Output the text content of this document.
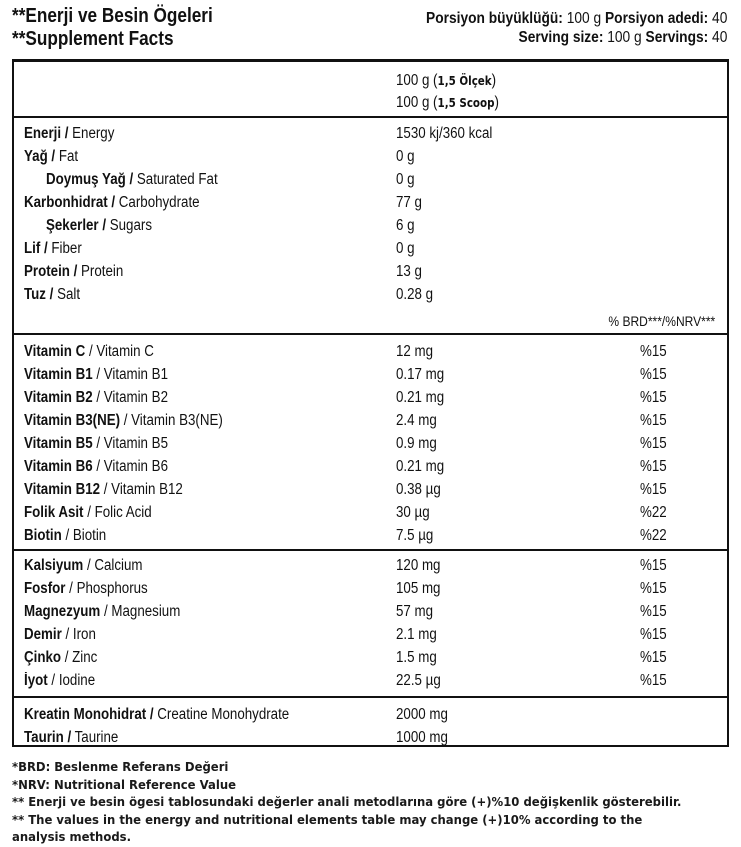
**Enerji ve Besin Ögeleri
**Supplement Facts
Porsiyon büyüklüğü: 100 g Porsiyon adedi: 40
Serving size: 100 g Servings: 40
100 g (1,5 Ölçek)
100 g (1,5 Scoop)
Enerji / Energy	1530 kj/360 kcal
Yağ / Fat	0 g
Doymuş Yağ / Saturated Fat	0 g
Karbonhidrat / Carbohydrate	77 g
Şekerler / Sugars	6 g
Lif / Fiber	0 g
Protein / Protein	13 g
Tuz / Salt	0.28 g
% BRD***/%NRV***
Vitamin C / Vitamin C	12 mg	%15
Vitamin B1 / Vitamin B1	0.17 mg	%15
Vitamin B2 / Vitamin B2	0.21 mg	%15
Vitamin B3(NE) / Vitamin B3(NE)	2.4 mg	%15
Vitamin B5 / Vitamin B5	0.9 mg	%15
Vitamin B6 / Vitamin B6	0.21 mg	%15
Vitamin B12 / Vitamin B12	0.38 µg	%15
Folik Asit / Folic Acid	30 µg	%22
Biotin / Biotin	7.5 µg	%22
Kalsiyum / Calcium	120 mg	%15
Fosfor / Phosphorus	105 mg	%15
Magnezyum / Magnesium	57 mg	%15
Demir / Iron	2.1 mg	%15
Çinko / Zinc	1.5 mg	%15
İyot / Iodine	22.5 µg	%15
Kreatin Monohidrat / Creatine Monohydrate	2000 mg
Taurin / Taurine	1000 mg
*BRD: Beslenme Referans Değeri
*NRV: Nutritional Reference Value
** Enerji ve besin ögesi tablosundaki değerler anali metodlarına göre (+)%10 değişkenlik gösterebilir.
** The values in the energy and nutritional elements table may change (+)10% according to the analysis methods.
